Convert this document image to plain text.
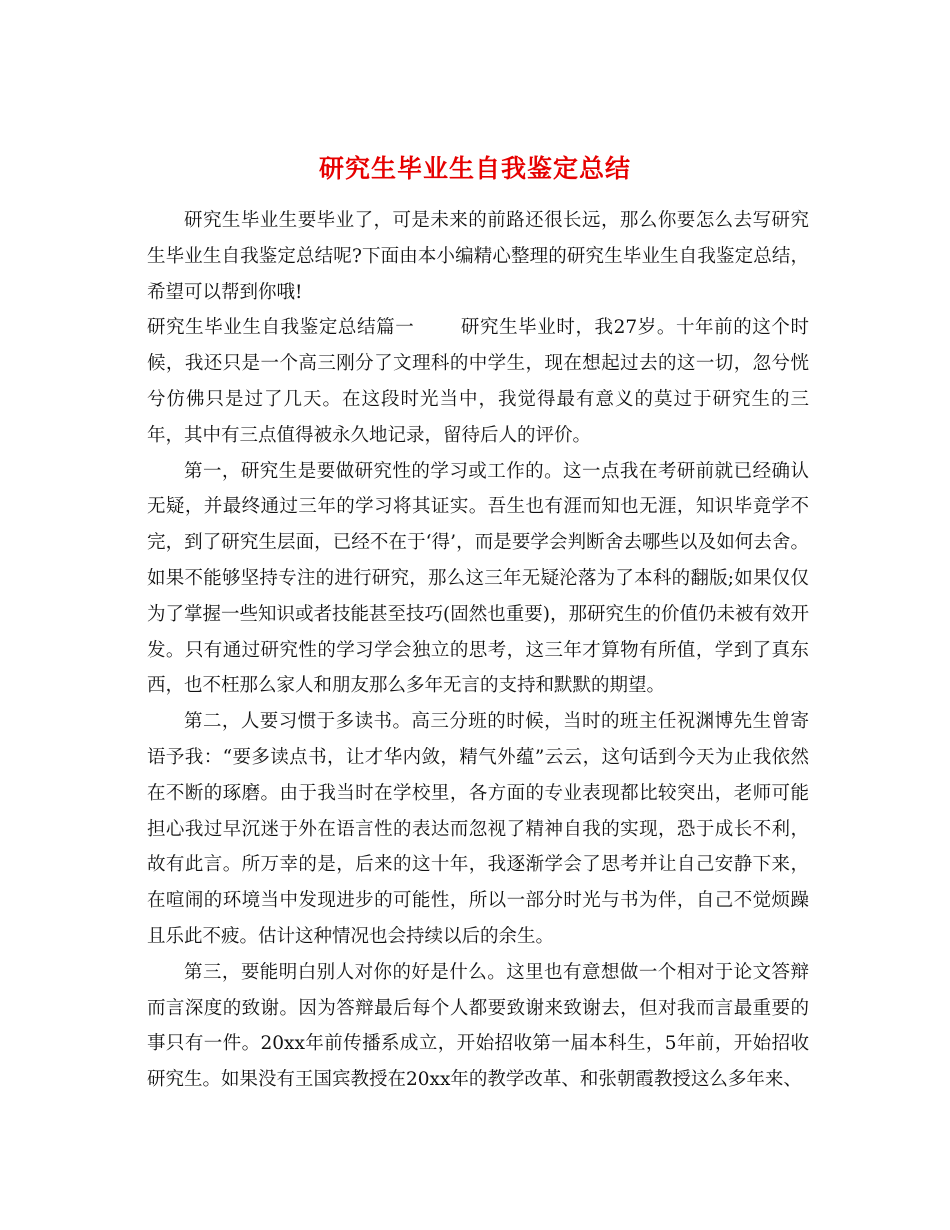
研究生毕业生自我鉴定总结

研究生毕业生要毕业了，可是未来的前路还很长远，那么你要怎么去写研究生毕业生自我鉴定总结呢?下面由本小编精心整理的研究生毕业生自我鉴定总结，希望可以帮到你哦!

研究生毕业生自我鉴定总结篇一 研究生毕业时，我27岁。十年前的这个时候，我还只是一个高三刚分了文理科的中学生，现在想起过去的这一切，忽兮恍兮仿佛只是过了几天。在这段时光当中，我觉得最有意义的莫过于研究生的三年，其中有三点值得被永久地记录，留待后人的评价。

第一，研究生是要做研究性的学习或工作的。这一点我在考研前就已经确认无疑，并最终通过三年的学习将其证实。吾生也有涯而知也无涯，知识毕竟学不完，到了研究生层面，已经不在于‘得’，而是要学会判断舍去哪些以及如何去舍。如果不能够坚持专注的进行研究，那么这三年无疑沦落为了本科的翻版;如果仅仅为了掌握一些知识或者技能甚至技巧(固然也重要)，那研究生的价值仍未被有效开发。只有通过研究性的学习学会独立的思考，这三年才算物有所值，学到了真东西，也不枉那么家人和朋友那么多年无言的支持和默默的期望。

第二，人要习惯于多读书。高三分班的时候，当时的班主任祝渊博先生曾寄语予我：“要多读点书，让才华内敛，精气外蕴”云云，这句话到今天为止我依然在不断的琢磨。由于我当时在学校里，各方面的专业表现都比较突出，老师可能担心我过早沉迷于外在语言性的表达而忽视了精神自我的实现，恐于成长不利，故有此言。所万幸的是，后来的这十年，我逐渐学会了思考并让自己安静下来，在喧闹的环境当中发现进步的可能性，所以一部分时光与书为伴，自己不觉烦躁且乐此不疲。估计这种情况也会持续以后的余生。

第三，要能明白别人对你的好是什么。这里也有意想做一个相对于论文答辩而言深度的致谢。因为答辩最后每个人都要致谢来致谢去，但对我而言最重要的事只有一件。20xx年前传播系成立，开始招收第一届本科生，5年前，开始招收研究生。如果没有王国宾教授在20xx年的教学改革、和张朝霞教授这么多年来、
